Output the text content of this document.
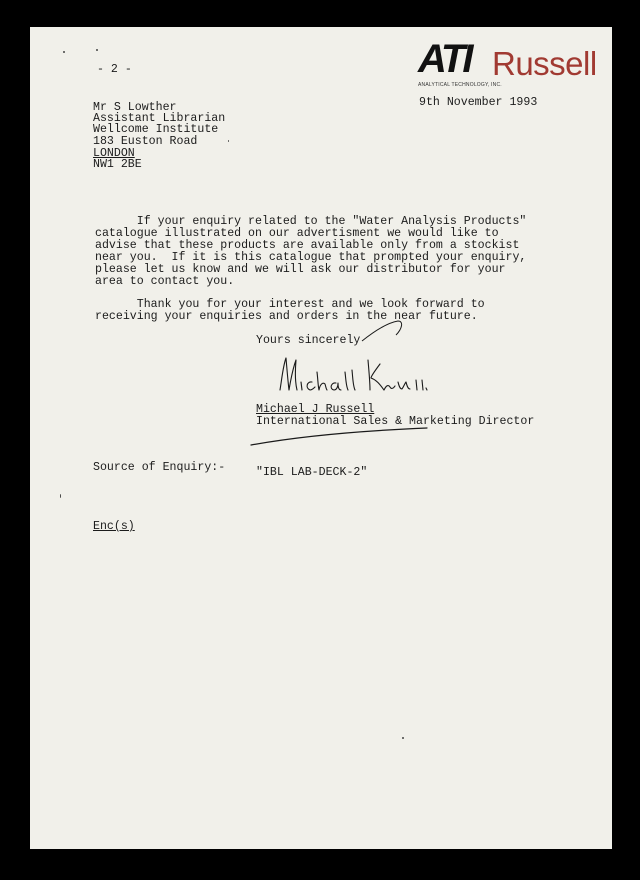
ATI Russell
ANALYTICAL TECHNOLOGY, INC.
- 2 -
9th November 1993
Mr S Lowther
Assistant Librarian
Wellcome Institute
183 Euston Road
LONDON
NW1 2BE
If your enquiry related to the "Water Analysis Products"
catalogue illustrated on our advertisment we would like to
advise that these products are available only from a stockist
near you.  If it is this catalogue that prompted your enquiry,
please let us know and we will ask our distributor for your
area to contact you.
Thank you for your interest and we look forward to
receiving your enquiries and orders in the near future.
Yours sincerely
Michael J Russell
International Sales & Marketing Director
Source of Enquiry:-	"IBL LAB-DECK-2"
Enc(s)
